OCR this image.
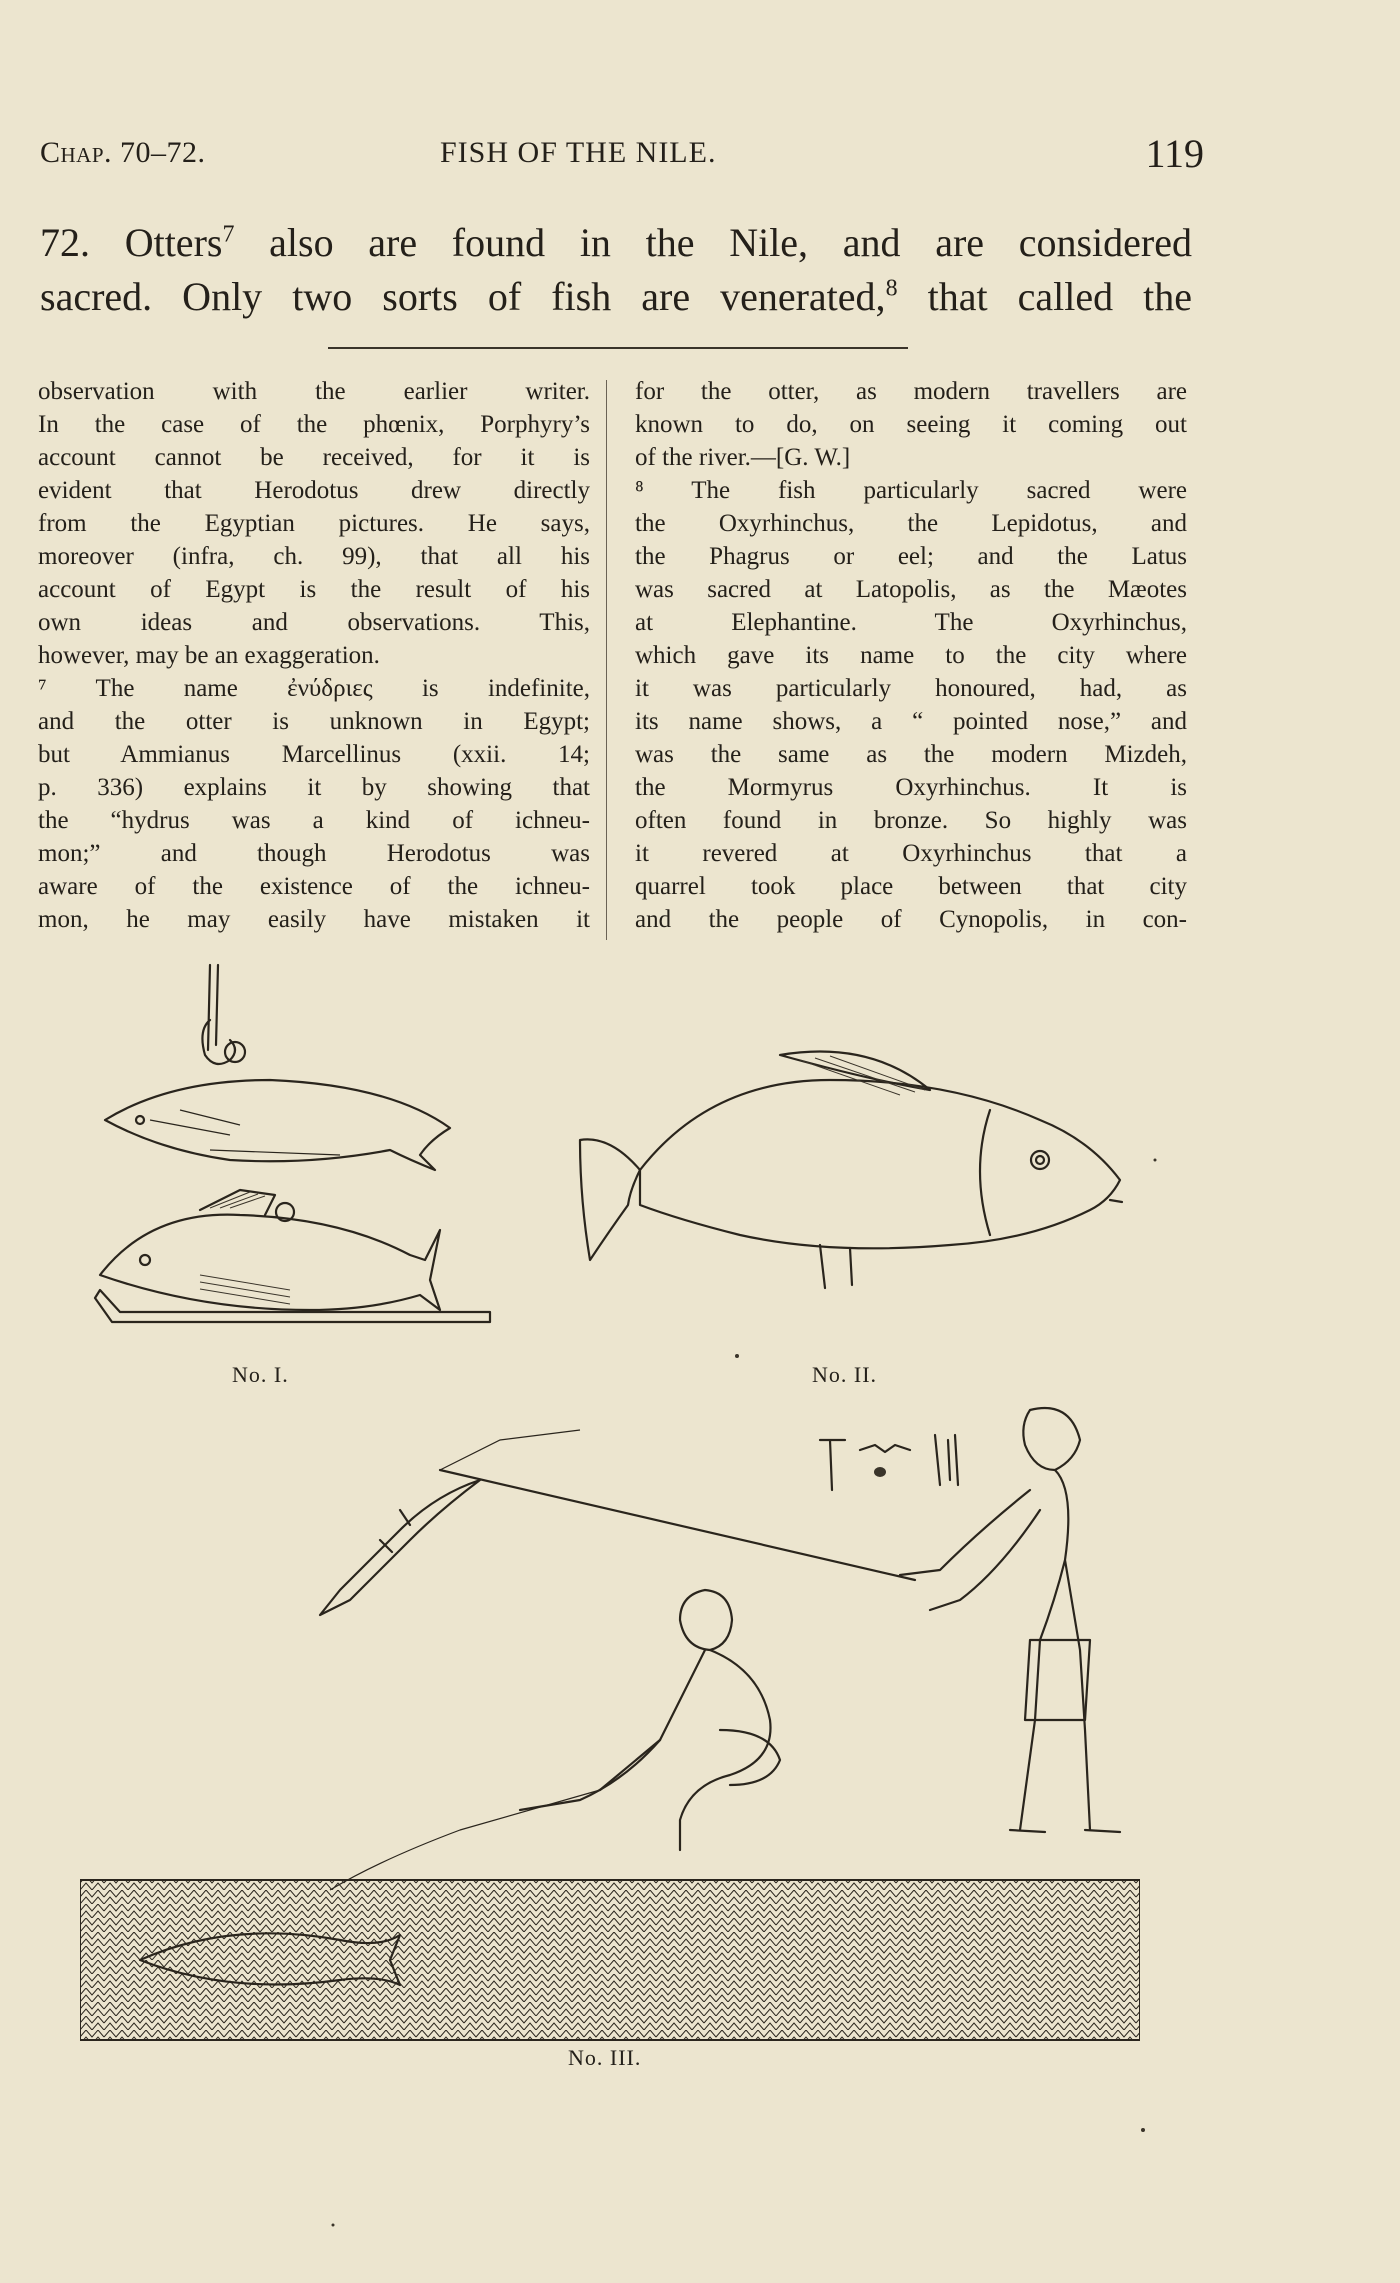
Chap. 70–72.	FISH OF THE NILE.	119
72. Otters$^7$ also are found in the Nile, and are considered
sacred. Only two sorts of fish are venerated,$^8$ that called the
observation with the earlier writer.
In the case of the phœnix, Porphyry’s
account cannot be received, for it is
evident that Herodotus drew directly
from the Egyptian pictures. He says,
moreover (infra, ch. 99), that all his
account of Egypt is the result of his
own ideas and observations. This,
however, may be an exaggeration.
⁷ The name ἐνύδριες is indefinite,
and the otter is unknown in Egypt;
but Ammianus Marcellinus (xxii. 14;
p. 336) explains it by showing that
the “hydrus was a kind of ichneu-
mon;” and though Herodotus was
aware of the existence of the ichneu-
mon, he may easily have mistaken it
for the otter, as modern travellers are
known to do, on seeing it coming out
of the river.—[G. W.]
⁸ The fish particularly sacred were
the Oxyrhinchus, the Lepidotus, and
the Phagrus or eel; and the Latus
was sacred at Latopolis, as the Mæotes
at Elephantine. The Oxyrhinchus,
which gave its name to the city where
it was particularly honoured, had, as
its name shows, a “ pointed nose,” and
was the same as the modern Mizdeh,
the Mormyrus Oxyrhinchus. It is
often found in bronze. So highly was
it revered at Oxyrhinchus that a
quarrel took place between that city
and the people of Cynopolis, in con-
No. I.	No. II.
No. III.
